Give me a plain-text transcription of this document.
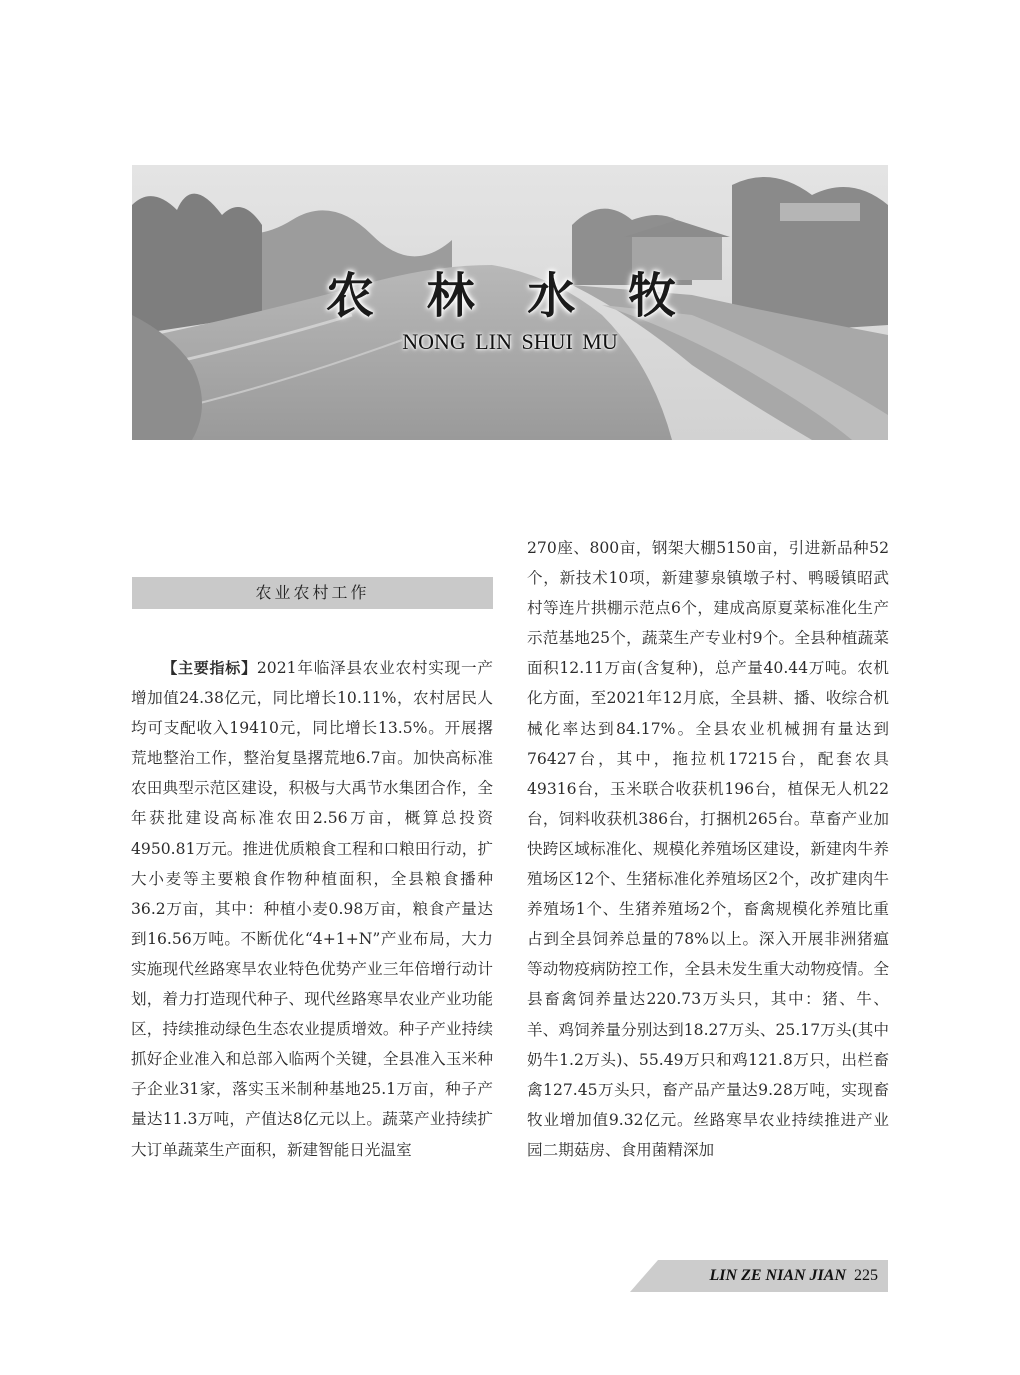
农 林 水 牧
NONG LIN SHUI MU
农业农村工作
【主要指标】2021年临泽县农业农村实现一产增加值24.38亿元，同比增长10.11%，农村居民人均可支配收入19410元，同比增长13.5%。开展撂荒地整治工作，整治复垦撂荒地6.7亩。加快高标准农田典型示范区建设，积极与大禹节水集团合作，全年获批建设高标准农田2.56万亩，概算总投资4950.81万元。推进优质粮食工程和口粮田行动，扩大小麦等主要粮食作物种植面积，全县粮食播种36.2万亩，其中：种植小麦0.98万亩，粮食产量达到16.56万吨。不断优化“4+1+N”产业布局，大力实施现代丝路寒旱农业特色优势产业三年倍增行动计划，着力打造现代种子、现代丝路寒旱农业产业功能区，持续推动绿色生态农业提质增效。种子产业持续抓好企业准入和总部入临两个关键，全县准入玉米种子企业31家，落实玉米制种基地25.1万亩，种子产量达11.3万吨，产值达8亿元以上。蔬菜产业持续扩大订单蔬菜生产面积，新建智能日光温室
270座、800亩，钢架大棚5150亩，引进新品种52个，新技术10项，新建蓼泉镇墩子村、鸭暖镇昭武村等连片拱棚示范点6个，建成高原夏菜标准化生产示范基地25个，蔬菜生产专业村9个。全县种植蔬菜面积12.11万亩(含复种)，总产量40.44万吨。农机化方面，至2021年12月底，全县耕、播、收综合机械化率达到84.17%。全县农业机械拥有量达到76427台，其中，拖拉机17215台，配套农具49316台，玉米联合收获机196台，植保无人机22台，饲料收获机386台，打捆机265台。草畜产业加快跨区域标准化、规模化养殖场区建设，新建肉牛养殖场区12个、生猪标准化养殖场区2个，改扩建肉牛养殖场1个、生猪养殖场2个，畜禽规模化养殖比重占到全县饲养总量的78%以上。深入开展非洲猪瘟等动物疫病防控工作，全县未发生重大动物疫情。全县畜禽饲养量达220.73万头只，其中：猪、牛、羊、鸡饲养量分别达到18.27万头、25.17万头(其中奶牛1.2万头)、55.49万只和鸡121.8万只，出栏畜禽127.45万头只，畜产品产量达9.28万吨，实现畜牧业增加值9.32亿元。丝路寒旱农业持续推进产业园二期菇房、食用菌精深加
LIN ZE NIAN JIAN 225
